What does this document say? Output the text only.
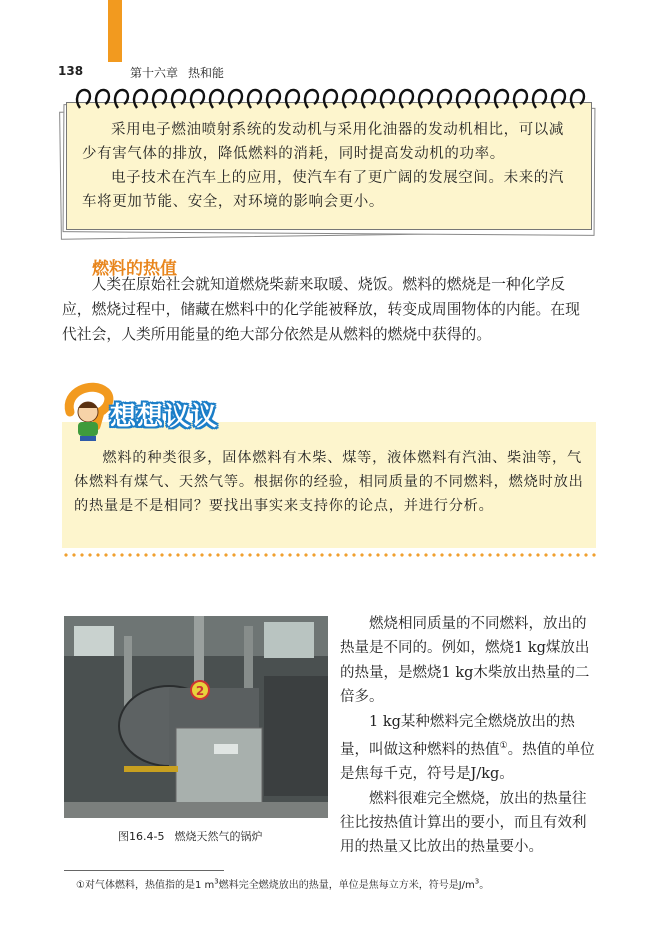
138	第十六章 热和能

采用电子燃油喷射系统的发动机与采用化油器的发动机相比，可以减少有害气体的排放，降低燃料的消耗，同时提高发动机的功率。

电子技术在汽车上的应用，使汽车有了更广阔的发展空间。未来的汽车将更加节能、安全，对环境的影响会更小。

燃料的热值

人类在原始社会就知道燃烧柴薪来取暖、烧饭。燃料的燃烧是一种化学反应，燃烧过程中，储藏在燃料中的化学能被释放，转变成周围物体的内能。在现代社会，人类所用能量的绝大部分依然是从燃料的燃烧中获得的。

想想议议

燃料的种类很多，固体燃料有木柴、煤等，液体燃料有汽油、柴油等，气体燃料有煤气、天然气等。根据你的经验，相同质量的不同燃料，燃烧时放出的热量是不是相同？要找出事实来支持你的论点，并进行分析。

2
图16.4-5 燃烧天然气的锅炉

燃烧相同质量的不同燃料，放出的热量是不同的。例如，燃烧1 kg煤放出的热量，是燃烧1 kg木柴放出热量的二倍多。

1 kg某种燃料完全燃烧放出的热量，叫做这种燃料的热值①。热值的单位是焦每千克，符号是J/kg。

燃料很难完全燃烧，放出的热量往往比按热值计算出的要小，而且有效利用的热量又比放出的热量要小。

①对气体燃料，热值指的是1 $m^3$燃料完全燃烧放出的热量，单位是焦每立方米，符号是$J/m^3$。
